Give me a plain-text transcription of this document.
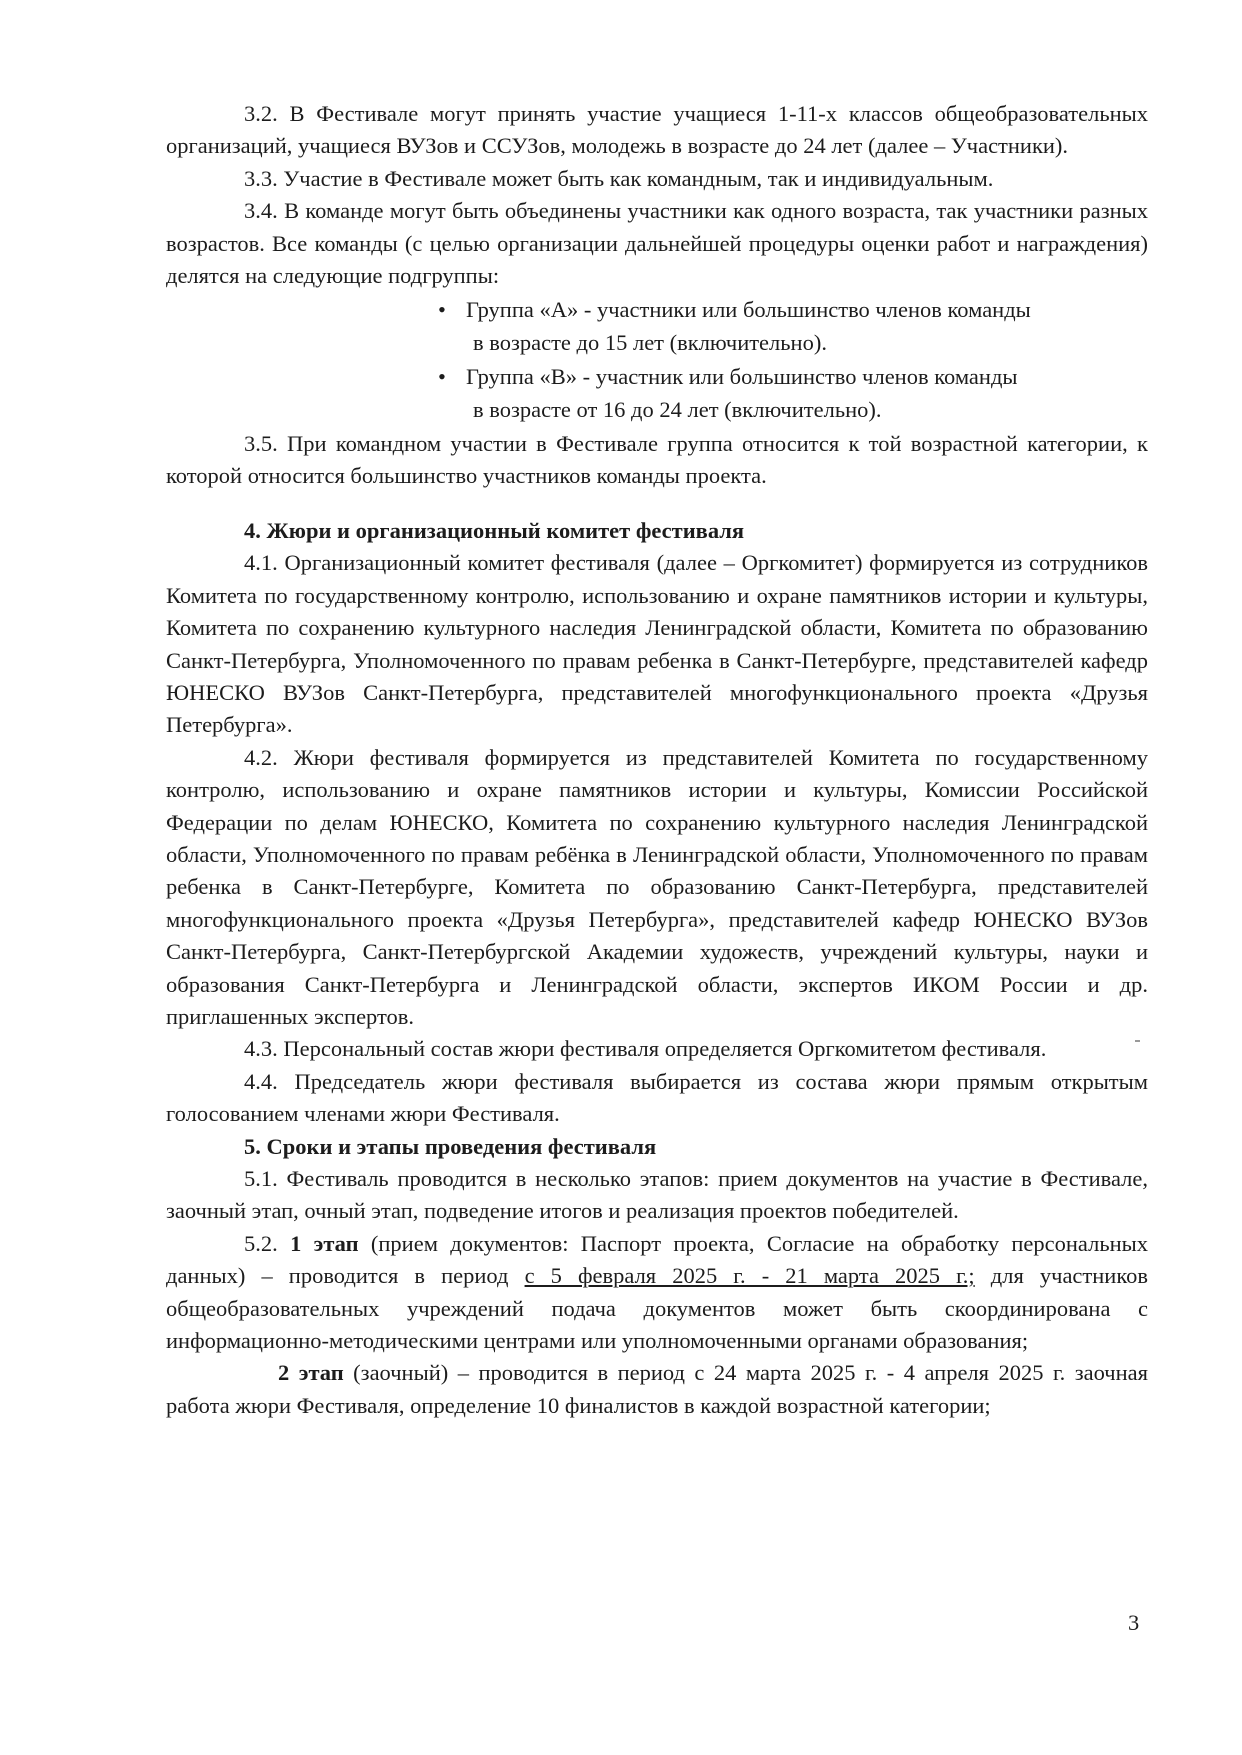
3.2. В Фестивале могут принять участие учащиеся 1-11-х классов общеобразовательных организаций, учащиеся ВУЗов и ССУЗов, молодежь в возрасте до 24 лет (далее – Участники).

3.3. Участие в Фестивале может быть как командным, так и индивидуальным.

3.4. В команде могут быть объединены участники как одного возраста, так участники разных возрастов. Все команды (с целью организации дальнейшей процедуры оценки работ и награждения) делятся на следующие подгруппы:

• Группа «А» - участники или большинство членов команды
в возрасте до 15 лет (включительно).
• Группа «В» - участник или большинство членов команды
в возрасте от 16 до 24 лет (включительно).

3.5. При командном участии в Фестивале группа относится к той возрастной категории, к которой относится большинство участников команды проекта.

4. Жюри и организационный комитет фестиваля

4.1. Организационный комитет фестиваля (далее – Оргкомитет) формируется из сотрудников Комитета по государственному контролю, использованию и охране памятников истории и культуры, Комитета по сохранению культурного наследия Ленинградской области, Комитета по образованию Санкт-Петербурга, Уполномоченного по правам ребенка в Санкт-Петербурге, представителей кафедр ЮНЕСКО ВУЗов Санкт-Петербурга, представителей многофункционального проекта «Друзья Петербурга».

4.2. Жюри фестиваля формируется из представителей Комитета по государственному контролю, использованию и охране памятников истории и культуры, Комиссии Российской Федерации по делам ЮНЕСКО, Комитета по сохранению культурного наследия Ленинградской области, Уполномоченного по правам ребёнка в Ленинградской области, Уполномоченного по правам ребенка в Санкт-Петербурге, Комитета по образованию Санкт-Петербурга, представителей многофункционального проекта «Друзья Петербурга», представителей кафедр ЮНЕСКО ВУЗов Санкт-Петербурга, Санкт-Петербургской Академии художеств, учреждений культуры, науки и образования Санкт-Петербурга и Ленинградской области, экспертов ИКОМ России и др. приглашенных экспертов.

4.3. Персональный состав жюри фестиваля определяется Оргкомитетом фестиваля.

4.4. Председатель жюри фестиваля выбирается из состава жюри прямым открытым голосованием членами жюри Фестиваля.

5. Сроки и этапы проведения фестиваля

5.1. Фестиваль проводится в несколько этапов: прием документов на участие в Фестивале, заочный этап, очный этап, подведение итогов и реализация проектов победителей.

5.2. 1 этап (прием документов: Паспорт проекта, Согласие на обработку персональных данных) – проводится в период с 5 февраля 2025 г. - 21 марта 2025 г.; для участников общеобразовательных учреждений подача документов может быть скоординирована с информационно-методическими центрами или уполномоченными органами образования;

2 этап (заочный) – проводится в период с 24 марта 2025 г. - 4 апреля 2025 г. заочная работа жюри Фестиваля, определение 10 финалистов в каждой возрастной категории;

3
